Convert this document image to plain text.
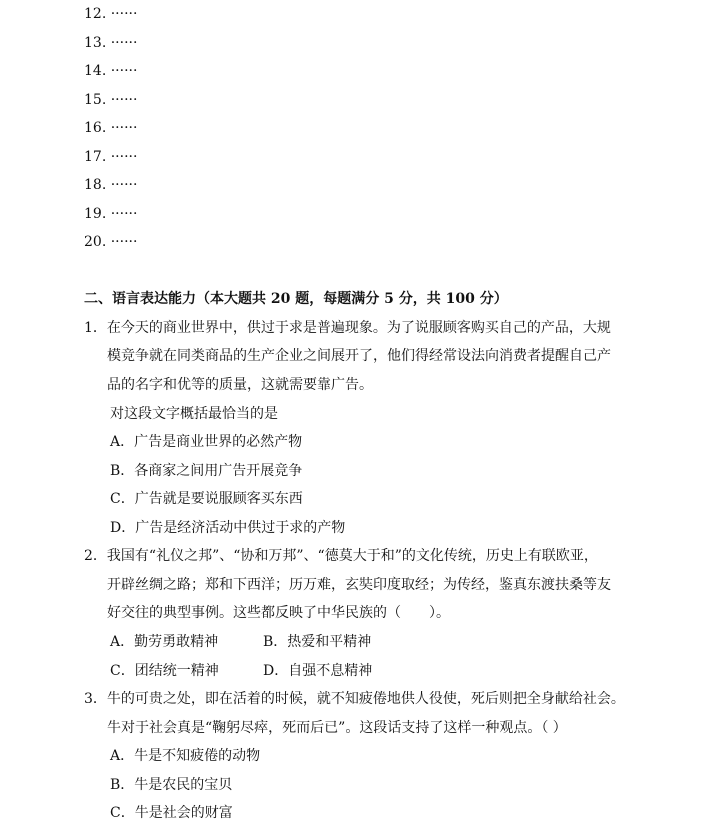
12. ······
13. ······
14. ······
15. ······
16. ······
17. ······
18. ······
19. ······
20. ······
二、语言表达能力（本大题共 20 题，每题满分 5 分，共 100 分）
1．在今天的商业世界中，供过于求是普遍现象。为了说服顾客购买自己的产品，大规
模竞争就在同类商品的生产企业之间展开了，他们得经常设法向消费者提醒自己产
品的名字和优等的质量，这就需要靠广告。
对这段文字概括最恰当的是
A．广告是商业世界的必然产物
B．各商家之间用广告开展竞争
C．广告就是要说服顾客买东西
D．广告是经济活动中供过于求的产物
2．我国有“礼仪之邦”、“协和万邦”、“德莫大于和”的文化传统，历史上有联欧亚，
开辟丝绸之路；郑和下西洋；历万难，玄奘印度取经；为传经，鉴真东渡扶桑等友
好交往的典型事例。这些都反映了中华民族的（　　）。
A．勤劳勇敢精神	B．热爱和平精神
C．团结统一精神	D．自强不息精神
3．牛的可贵之处，即在活着的时候，就不知疲倦地供人役使，死后则把全身献给社会。
牛对于社会真是“鞠躬尽瘁，死而后已”。这段话支持了这样一种观点。（ ）
A．牛是不知疲倦的动物
B．牛是农民的宝贝
C．牛是社会的财富
